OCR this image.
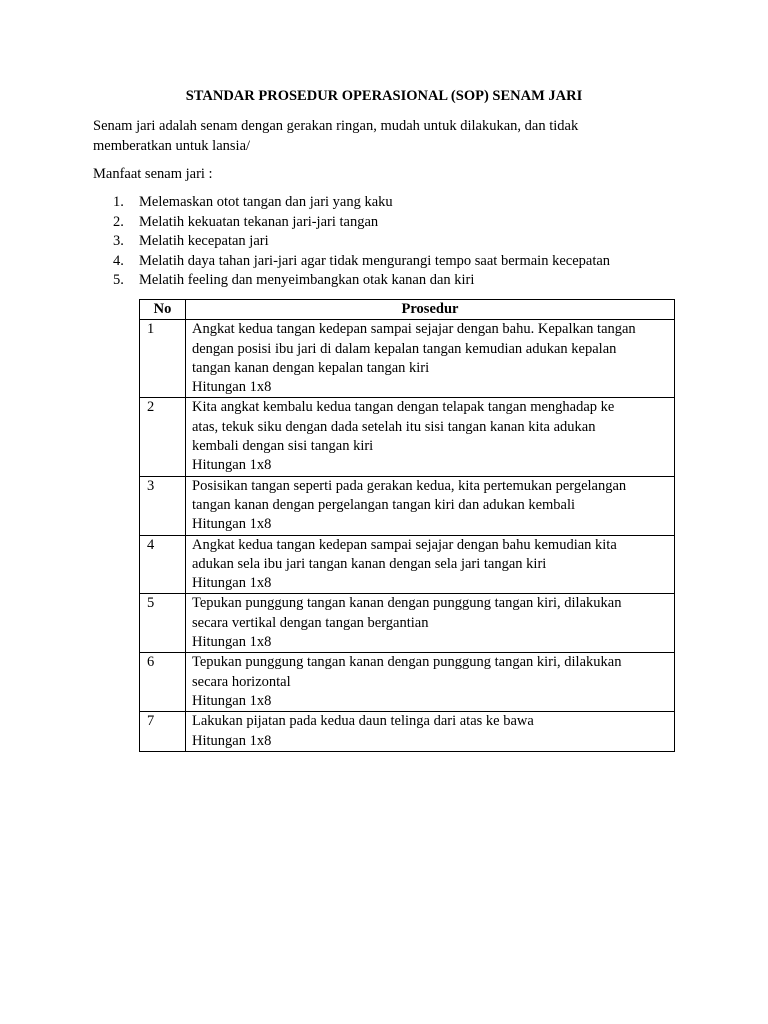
STANDAR PROSEDUR OPERASIONAL (SOP) SENAM JARI
Senam jari adalah senam dengan gerakan ringan, mudah untuk dilakukan, dan tidak
memberatkan untuk lansia/
Manfaat senam jari :
1.	Melemaskan otot tangan dan jari yang kaku
2.	Melatih kekuatan tekanan jari-jari tangan
3.	Melatih kecepatan jari
4.	Melatih daya tahan jari-jari agar tidak mengurangi tempo saat bermain kecepatan
5.	Melatih feeling dan menyeimbangkan otak kanan dan kiri
No	Prosedur
1	Angkat kedua tangan kedepan sampai sejajar dengan bahu. Kepalkan tangan
dengan posisi ibu jari di dalam kepalan tangan kemudian adukan kepalan
tangan kanan dengan kepalan tangan kiri
Hitungan 1x8

2	Kita angkat kembalu kedua tangan dengan telapak tangan menghadap ke
atas, tekuk siku dengan dada setelah itu sisi tangan kanan kita adukan
kembali dengan sisi tangan kiri
Hitungan 1x8

3	Posisikan tangan seperti pada gerakan kedua, kita pertemukan pergelangan
tangan kanan dengan pergelangan tangan kiri dan adukan kembali
Hitungan 1x8

4	Angkat kedua tangan kedepan sampai sejajar dengan bahu kemudian kita
adukan sela ibu jari tangan kanan dengan sela jari tangan kiri
Hitungan 1x8

5	Tepukan punggung tangan kanan dengan punggung tangan kiri, dilakukan
secara vertikal dengan tangan bergantian
Hitungan 1x8

6	Tepukan punggung tangan kanan dengan punggung tangan kiri, dilakukan
secara horizontal
Hitungan 1x8

7	Lakukan pijatan pada kedua daun telinga dari atas ke bawa
Hitungan 1x8
